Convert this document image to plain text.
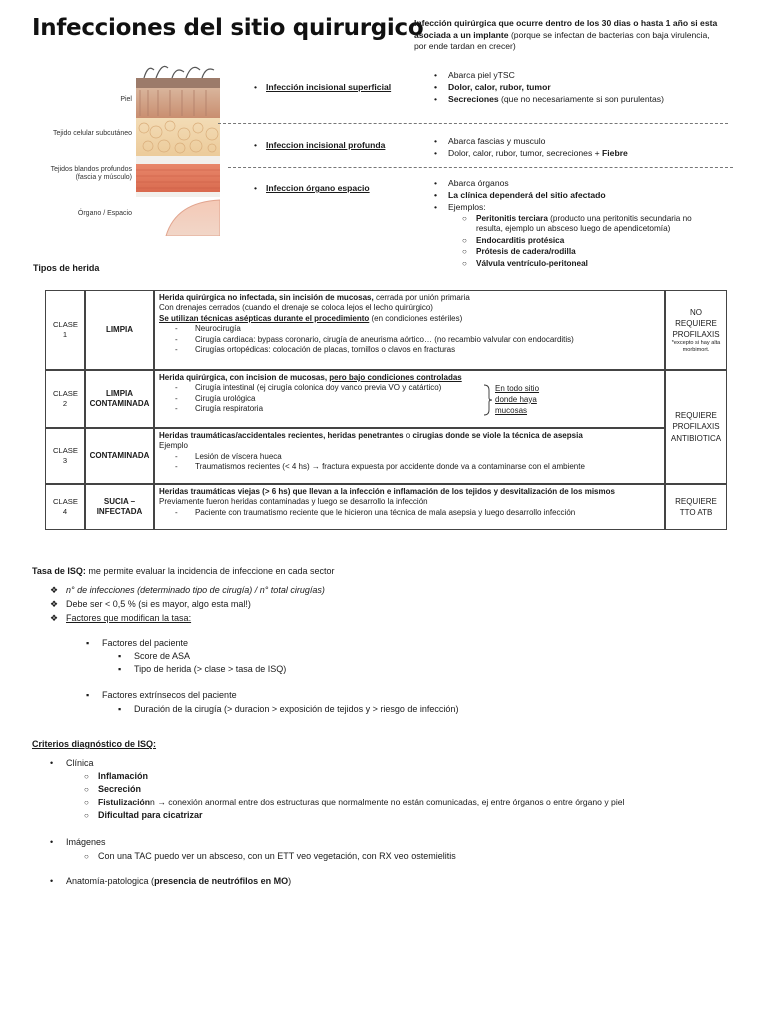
Infecciones del sitio quirurgico
Infección quirúrgica que ocurre dentro de los 30 dias o hasta 1 año si esta asociada a un implante (porque se infectan de bacterias con baja virulencia, por ende tardan en crecer)
Piel
Tejido celular subcutáneo
Tejidos blandos profundos (fascia y músculo)
Órgano / Espacio
• Infección incisional superficial
• Infeccion incisional profunda
• Infeccion órgano espacio
• Abarca piel yTSC
• Dolor, calor, rubor, tumor
• Secreciones (que no necesariamente si son purulentas)
• Abarca fascias y musculo
• Dolor, calor, rubor, tumor, secreciones + Fiebre
• Abarca órganos
• La clínica dependerá del sitio afectado
• Ejemplos:
○ Peritonitis terciara (producto una peritonitis secundaria no resulta, ejemplo un absceso luego de apendicetomía)
○ Endocarditis protésica
○ Prótesis de cadera/rodilla
○ Válvula ventrículo-peritoneal
Tipos de herida
CLASE 1
CLASE 2
CLASE 3
CLASE 4
LIMPIA
LIMPIA CONTAMINADA
CONTAMINADA
SUCIA – INFECTADA
Herida quirúrgica no infectada, sin incisión de mucosas, cerrada por unión primaria
Con drenajes cerrados (cuando el drenaje se coloca lejos el lecho quirúrgico)
Se utilizan técnicas asépticas durante el procedimiento (en condiciones estériles)
- Neurocirugía
- Cirugía cardiaca: bypass coronario, cirugía de aneurisma aórtico… (no recambio valvular con endocarditis)
- Cirugías ortopédicas: colocación de placas, tornillos o clavos en fracturas
Herida quirúrgica, con incision de mucosas, pero bajo condiciones controladas
- Cirugía intestinal (ej cirugía colonica doy vanco previa VO y catártico)
- Cirugía urológica
- Cirugía respiratoria
En todo sitio
donde haya
mucosas
Heridas traumáticas/accidentales recientes, heridas penetrantes o cirugias donde se viole la técnica de asepsia
Ejemplo
- Lesión de víscera hueca
- Traumatismos recientes (< 4 hs) → fractura expuesta por accidente donde va a contaminarse con el ambiente
Heridas traumáticas viejas (> 6 hs) que llevan a la infección e inflamación de los tejidos y desvitalización de los mismos
Previamente fueron heridas contaminadas y luego se desarrollo la infección
- Paciente con traumatismo reciente que le hicieron una técnica de mala asepsia y luego desarrollo infección
NO REQUIERE PROFILAXIS
*excepto si hay alta morbimort.
REQUIERE PROFILAXIS ANTIBIOTICA
REQUIERE TTO ATB
Tasa de ISQ: me permite evaluar la incidencia de infeccione en cada sector
❖ n° de infecciones (determinado tipo de cirugía) / n° total cirugías)
❖ Debe ser < 0,5 % (si es mayor, algo esta mal!)
❖ Factores que modifican la tasa:
▪ Factores del paciente
▪ Score de ASA
▪ Tipo de herida (> clase > tasa de ISQ)
▪ Factores extrínsecos del paciente
▪ Duración de la cirugía (> duracion > exposición de tejidos y > riesgo de infección)
Criterios diagnóstico de ISQ:
• Clínica
○ Inflamación
○ Secreción
○ Fistulizaciónn → conexión anormal entre dos estructuras que normalmente no están comunicadas, ej entre órganos o entre órgano y piel
○ Dificultad para cicatrizar
• Imágenes
○ Con una TAC puedo ver un absceso, con un ETT veo vegetación, con RX veo ostemielitis
• Anatomía-patologica (presencia de neutrófilos en MO)
